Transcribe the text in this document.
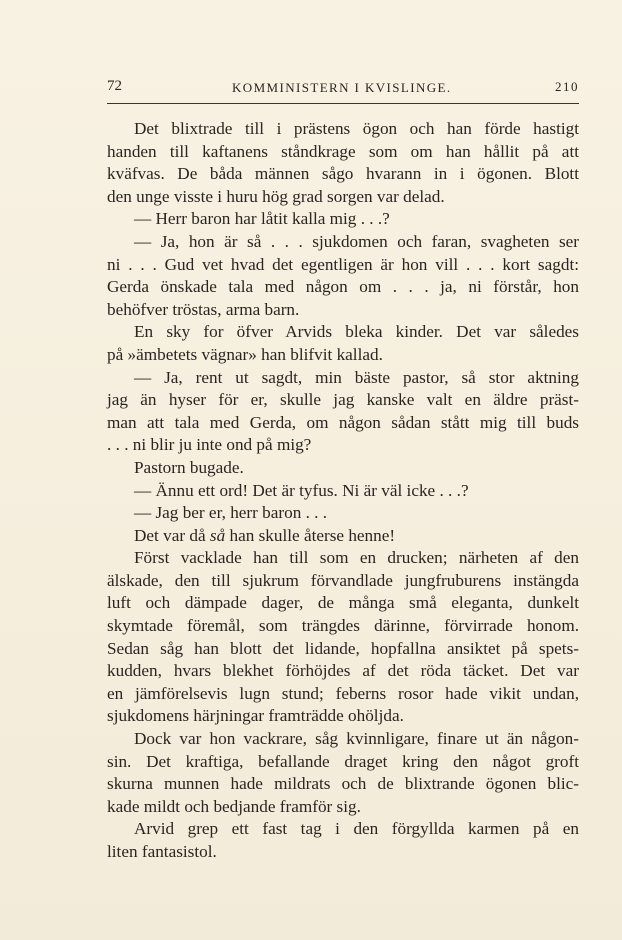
72	KOMMINISTERN I KVISLINGE.	210
Det blixtrade till i prästens ögon och han förde hastigt
handen till kaftanens ståndkrage som om han hållit på att
kväfvas. De båda männen sågo hvarann in i ögonen. Blott
den unge visste i huru hög grad sorgen var delad.
— Herr baron har låtit kalla mig . . .?
— Ja, hon är så . . . sjukdomen och faran, svagheten ser
ni . . . Gud vet hvad det egentligen är hon vill . . . kort sagdt:
Gerda önskade tala med någon om . . . ja, ni förstår, hon
behöfver tröstas, arma barn.
En sky for öfver Arvids bleka kinder. Det var således
på »ämbetets vägnar» han blifvit kallad.
— Ja, rent ut sagdt, min bäste pastor, så stor aktning
jag än hyser för er, skulle jag kanske valt en äldre präst-
man att tala med Gerda, om någon sådan stått mig till buds
. . . ni blir ju inte ond på mig?
Pastorn bugade.
— Ännu ett ord! Det är tyfus. Ni är väl icke . . .?
— Jag ber er, herr baron . . .
Det var då så han skulle återse henne!
Först vacklade han till som en drucken; närheten af den
älskade, den till sjukrum förvandlade jungfruburens instängda
luft och dämpade dager, de många små eleganta, dunkelt
skymtade föremål, som trängdes därinne, förvirrade honom.
Sedan såg han blott det lidande, hopfallna ansiktet på spets-
kudden, hvars blekhet förhöjdes af det röda täcket. Det var
en jämförelsevis lugn stund; feberns rosor hade vikit undan,
sjukdomens härjningar framträdde ohöljda.
Dock var hon vackrare, såg kvinnligare, finare ut än någon-
sin. Det kraftiga, befallande draget kring den något groft
skurna munnen hade mildrats och de blixtrande ögonen blic-
kade mildt och bedjande framför sig.
Arvid grep ett fast tag i den förgyllda karmen på en
liten fantasistol.
